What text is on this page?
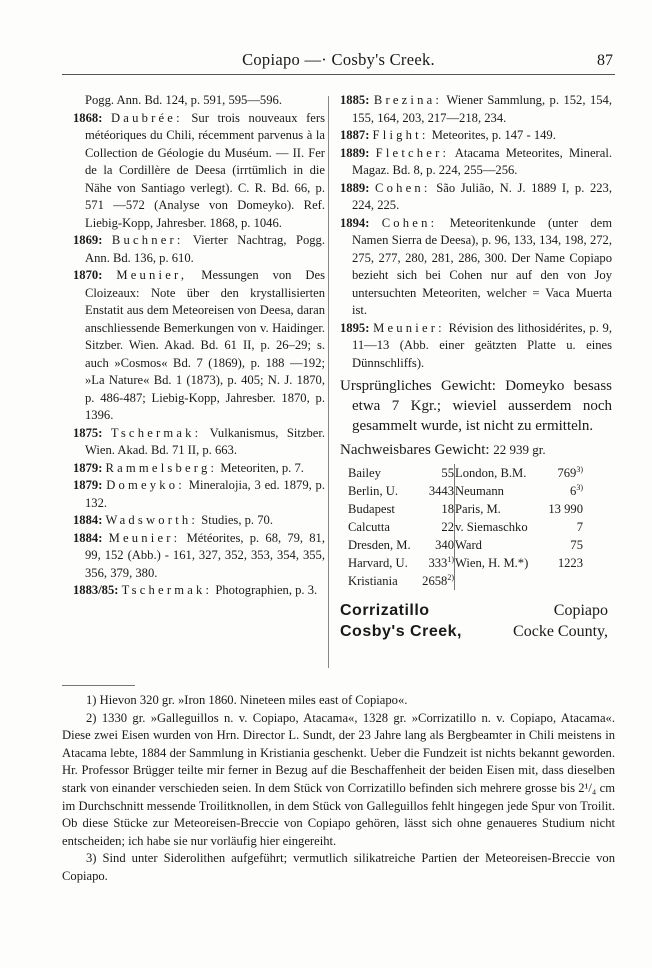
Copiapo —· Cosby's Creek.	87
Pogg. Ann. Bd. 124, p. 591, 595—596.
1868: Daubrée: Sur trois nouveaux fers météoriques du Chili, récemment parvenus à la Collection de Géologie du Muséum. — II. Fer de la Cordillère de Deesa (irrtümlich in die Nähe von Santiago verlegt). C. R. Bd. 66, p. 571 —572 (Analyse von Domeyko). Ref. Liebig-Kopp, Jahresber. 1868, p. 1046.
1869: Buchner: Vierter Nachtrag, Pogg. Ann. Bd. 136, p. 610.
1870: Meunier, Messungen von Des Cloizeaux: Note über den krystallisierten Enstatit aus dem Meteoreisen von Deesa, daran anschliessende Bemerkungen von v. Haidinger. Sitzber. Wien. Akad. Bd. 61 II, p. 26–29; s. auch »Cosmos« Bd. 7 (1869), p. 188 —192; »La Nature« Bd. 1 (1873), p. 405; N. J. 1870, p. 486-487; Liebig-Kopp, Jahresber. 1870, p. 1396.
1875: Tschermak: Vulkanismus, Sitzber. Wien. Akad. Bd. 71 II, p. 663.
1879: Rammelsberg: Meteoriten, p. 7.
1879: Domeyko: Mineralojia, 3 ed. 1879, p. 132.
1884: Wadsworth: Studies, p. 70.
1884: Meunier: Météorites, p. 68, 79, 81, 99, 152 (Abb.) - 161, 327, 352, 353, 354, 355, 356, 379, 380.
1883/85: Tschermak: Photographien, p. 3.
1885: Brezina: Wiener Sammlung, p. 152, 154, 155, 164, 203, 217—218, 234.
1887: Flight: Meteorites, p. 147 - 149.
1889: Fletcher: Atacama Meteorites, Mineral. Magaz. Bd. 8, p. 224, 255—256.
1889: Cohen: São Julião, N. J. 1889 I, p. 223, 224, 225.
1894: Cohen: Meteoritenkunde (unter dem Namen Sierra de Deesa), p. 96, 133, 134, 198, 272, 275, 277, 280, 281, 286, 300. Der Name Copiapo bezieht sich bei Cohen nur auf den von Joy untersuchten Meteoriten, welcher = Vaca Muerta ist.
1895: Meunier: Révision des lithosidérites, p. 9, 11—13 (Abb. einer geätzten Platte u. eines Dünnschliffs).
Ursprüngliches Gewicht: Domeyko besass etwa 7 Kgr.; wieviel ausserdem noch gesammelt wurde, ist nicht zu ermitteln.
Nachweisbares Gewicht: 22 939 gr.
Bailey	55	London, B.M.	769$^{3)}$
Berlin, U.	3443	Neumann	6$^{3)}$
Budapest	18	Paris, M.	13 990
Calcutta	22	v. Siemaschko	7
Dresden, M.	340	Ward	75
Harvard, U.	333$^{1)}$	Wien, H. M.*)	1223
Kristiania	2658$^{2)}$		
Corrizatillo	Copiapo
Cosby's Creek,	Cocke County,

1) Hievon 320 gr. »Iron 1860. Nineteen miles east of Copiapo«.

2) 1330 gr. »Galleguillos n. v. Copiapo, Atacama«, 1328 gr. »Corrizatillo n. v. Copiapo, Atacama«. Diese zwei Eisen wurden von Hrn. Director L. Sundt, der 23 Jahre lang als Bergbeamter in Chili meistens in Atacama lebte, 1884 der Sammlung in Kristiania geschenkt. Ueber die Fundzeit ist nichts bekannt geworden. Hr. Professor Brügger teilte mir ferner in Bezug auf die Beschaffenheit der beiden Eisen mit, dass dieselben stark von einander verschieden seien. In dem Stück von Corrizatillo befinden sich mehrere grosse bis 2¹/₄ cm im Durchschnitt messende Troilitknollen, in dem Stück von Galleguillos fehlt hingegen jede Spur von Troilit. Ob diese Stücke zur Meteoreisen-Breccie von Copiapo gehören, lässt sich ohne genaueres Studium nicht entscheiden; ich habe sie nur vorläufig hier eingereiht.

3) Sind unter Siderolithen aufgeführt; vermutlich silikatreiche Partien der Meteoreisen-Breccie von Copiapo.
